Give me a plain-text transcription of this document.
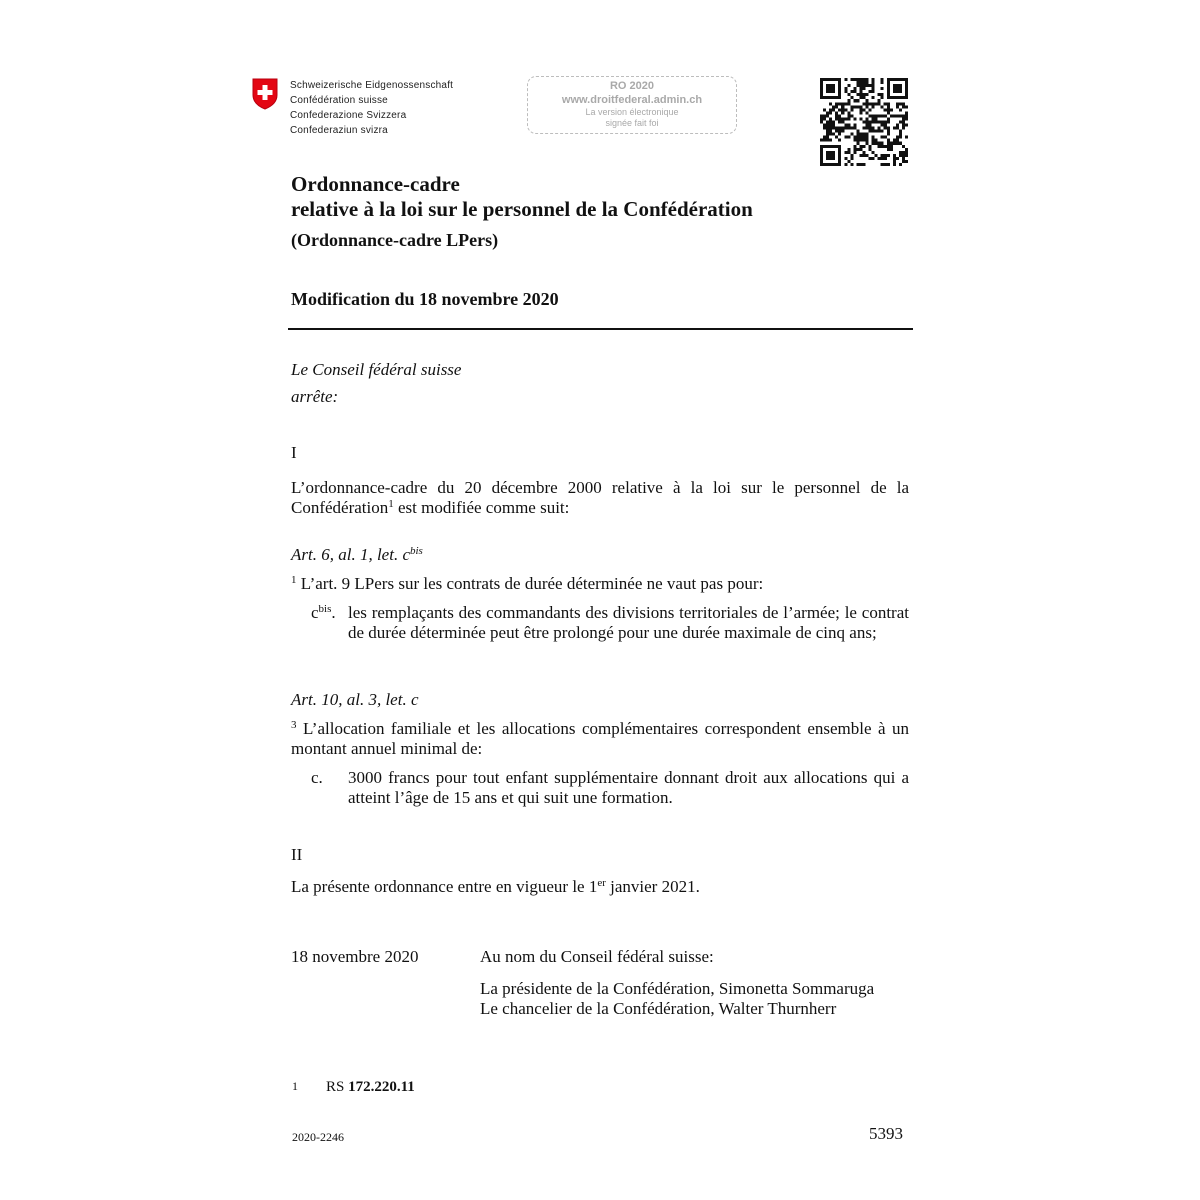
Schweizerische Eidgenossenschaft
Confédération suisse
Confederazione Svizzera
Confederaziun svizra
RO 2020
www.droitfederal.admin.ch
La version électronique
signée fait foi
Ordonnance-cadre
relative à la loi sur le personnel de la Confédération
(Ordonnance-cadre LPers)
Modification du 18 novembre 2020
Le Conseil fédéral suisse
arrête:
I
L’ordonnance-cadre du 20 décembre 2000 relative à la loi sur le personnel de la Confédération$^1$ est modifiée comme suit:
Art. 6, al. 1, let. $c^{bis}$
$^1$ L’art. 9 LPers sur les contrats de durée déterminée ne vaut pas pour:
$c^{bis}$. les remplaçants des commandants des divisions territoriales de l’armée; le contrat de durée déterminée peut être prolongé pour une durée maximale de cinq ans;
Art. 10, al. 3, let. c
$^3$ L’allocation familiale et les allocations complémentaires correspondent ensemble à un montant annuel minimal de:
c. 3000 francs pour tout enfant supplémentaire donnant droit aux allocations qui a atteint l’âge de 15 ans et qui suit une formation.
II
La présente ordonnance entre en vigueur le 1er janvier 2021.
18 novembre 2020	Au nom du Conseil fédéral suisse:
La présidente de la Confédération, Simonetta Sommaruga
Le chancelier de la Confédération, Walter Thurnherr
1 RS 172.220.11
2020-2246	5393
